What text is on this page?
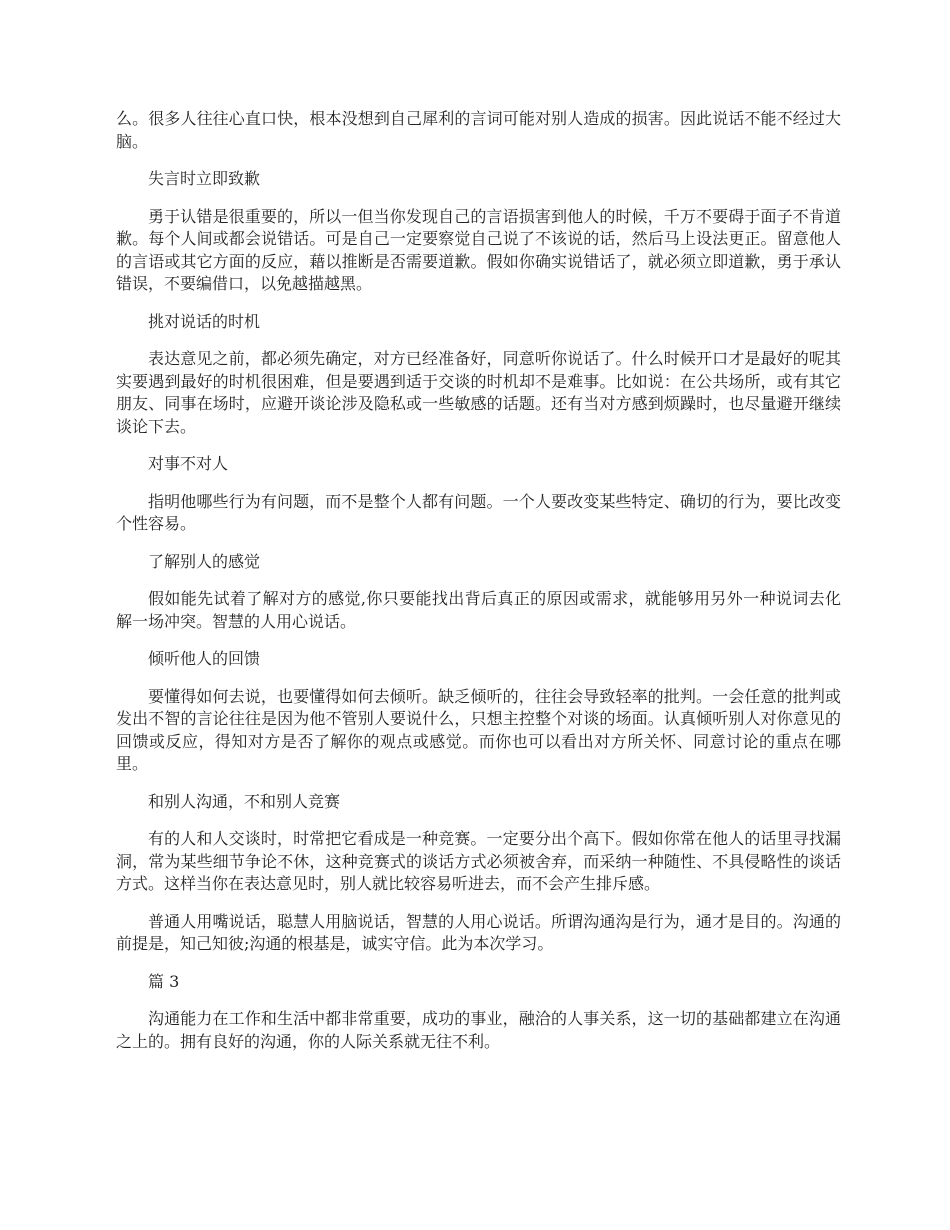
么。很多人往往心直口快，根本没想到自己犀利的言词可能对别人造成的损害。因此说话不能不经过大脑。

失言时立即致歉

勇于认错是很重要的，所以一但当你发现自己的言语损害到他人的时候，千万不要碍于面子不肯道歉。每个人间或都会说错话。可是自己一定要察觉自己说了不该说的话，然后马上设法更正。留意他人的言语或其它方面的反应，藉以推断是否需要道歉。假如你确实说错话了，就必须立即道歉，勇于承认错误，不要编借口，以免越描越黑。

挑对说话的时机

表达意见之前，都必须先确定，对方已经准备好，同意听你说话了。什么时候开口才是最好的呢其实要遇到最好的时机很困难，但是要遇到适于交谈的时机却不是难事。比如说：在公共场所，或有其它朋友、同事在场时，应避开谈论涉及隐私或一些敏感的话题。还有当对方感到烦躁时，也尽量避开继续谈论下去。

对事不对人

指明他哪些行为有问题，而不是整个人都有问题。一个人要改变某些特定、确切的行为，要比改变个性容易。

了解别人的感觉

假如能先试着了解对方的感觉,你只要能找出背后真正的原因或需求，就能够用另外一种说词去化解一场冲突。智慧的人用心说话。

倾听他人的回馈

要懂得如何去说，也要懂得如何去倾听。缺乏倾听的，往往会导致轻率的批判。一会任意的批判或发出不智的言论往往是因为他不管别人要说什么，只想主控整个对谈的场面。认真倾听别人对你意见的回馈或反应，得知对方是否了解你的观点或感觉。而你也可以看出对方所关怀、同意讨论的重点在哪里。

和别人沟通，不和别人竞赛

有的人和人交谈时，时常把它看成是一种竞赛。一定要分出个高下。假如你常在他人的话里寻找漏洞，常为某些细节争论不休，这种竞赛式的谈话方式必须被舍弃，而采纳一种随性、不具侵略性的谈话方式。这样当你在表达意见时，别人就比较容易听进去，而不会产生排斥感。

普通人用嘴说话，聪慧人用脑说话，智慧的人用心说话。所谓沟通沟是行为，通才是目的。沟通的前提是，知己知彼;沟通的根基是，诚实守信。此为本次学习。

篇 3

沟通能力在工作和生活中都非常重要，成功的事业，融洽的人事关系，这一切的基础都建立在沟通之上的。拥有良好的沟通，你的人际关系就无往不利。
